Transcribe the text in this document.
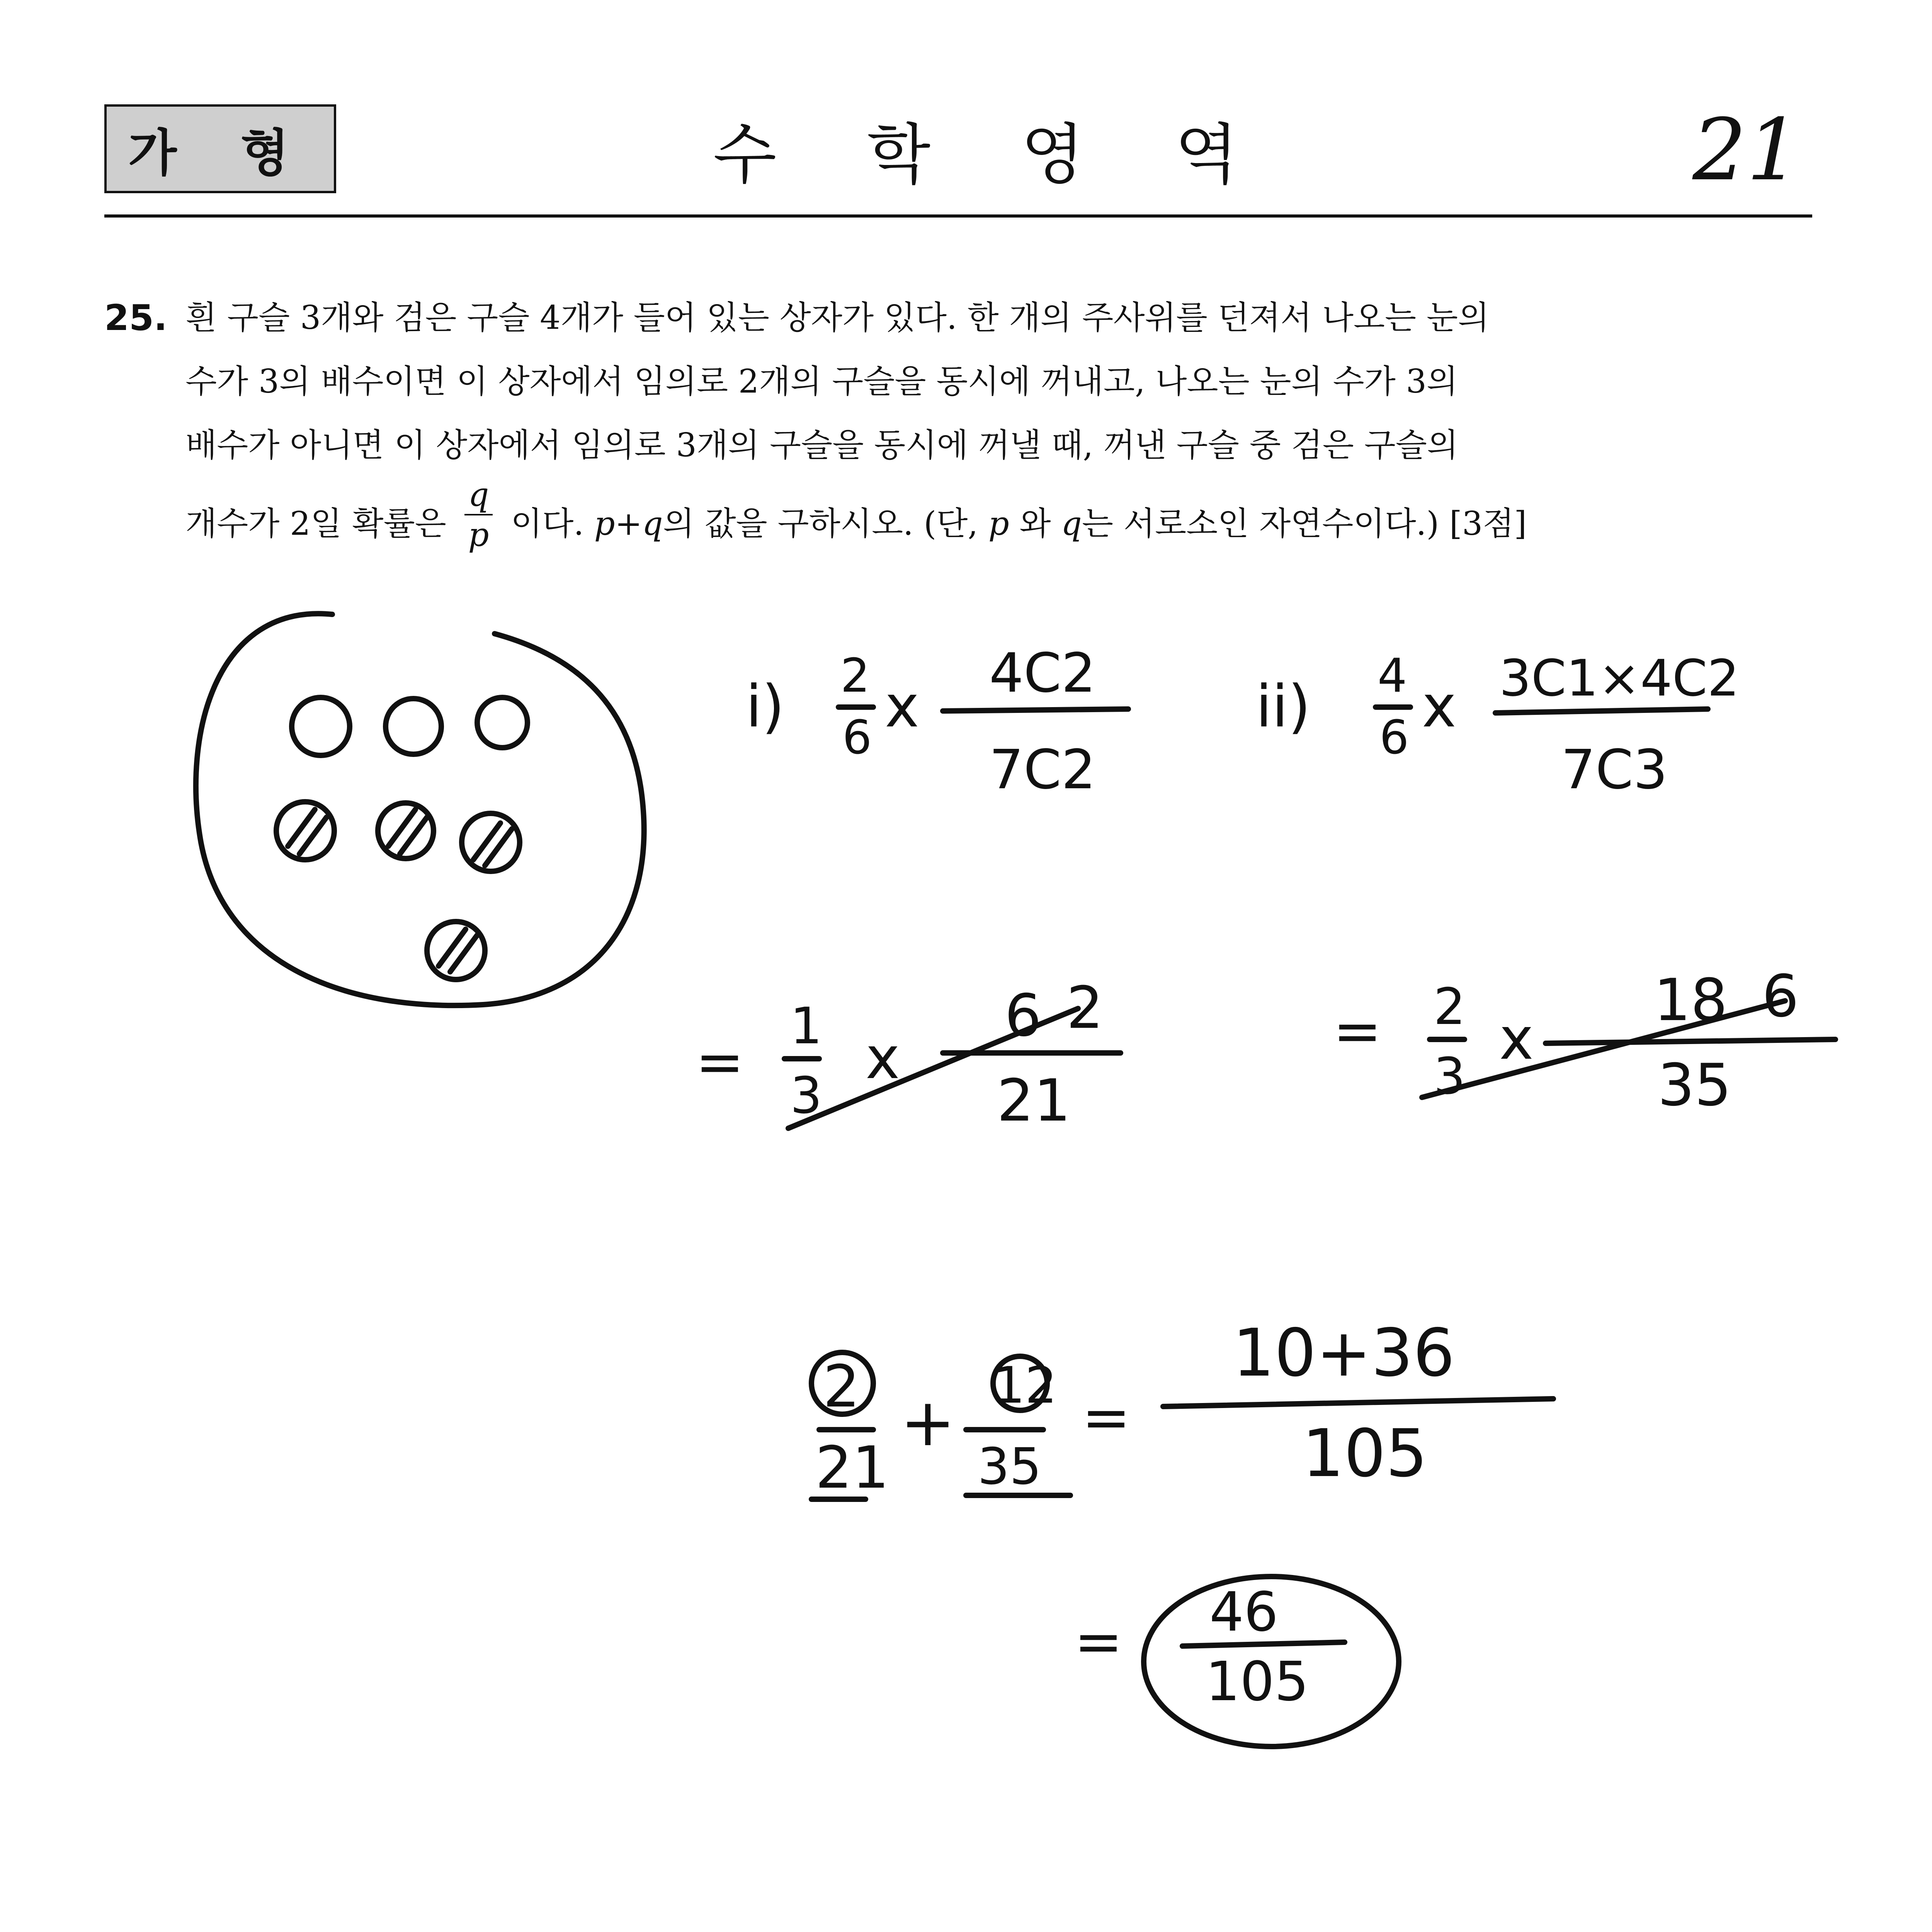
가 형	수 학 영 역	21
25. 흰 구슬 3개와 검은 구슬 4개가 들어 있는 상자가 있다. 한 개의 주사위를 던져서 나오는 눈의
수가 3의 배수이면 이 상자에서 임의로 2개의 구슬을 동시에 꺼내고, 나오는 눈의 수가 3의
배수가 아니면 이 상자에서 임의로 3개의 구슬을 동시에 꺼낼 때, 꺼낸 구슬 중 검은 구슬의
개수가 2일 확률은 $\frac{q}{p}$ 이다. p+q의 값을 구하시오. (단, p 와 q는 서로소인 자연수이다.) [3점]
i) 2
6 x 4C2
7C2
ii) 4
6 x 3C1×4C2
7C3
=
1
3
x
6 2
21
= 2
3
x
18 6
35
2
21
+ 12
35
=
10+36
105
= 46
105
